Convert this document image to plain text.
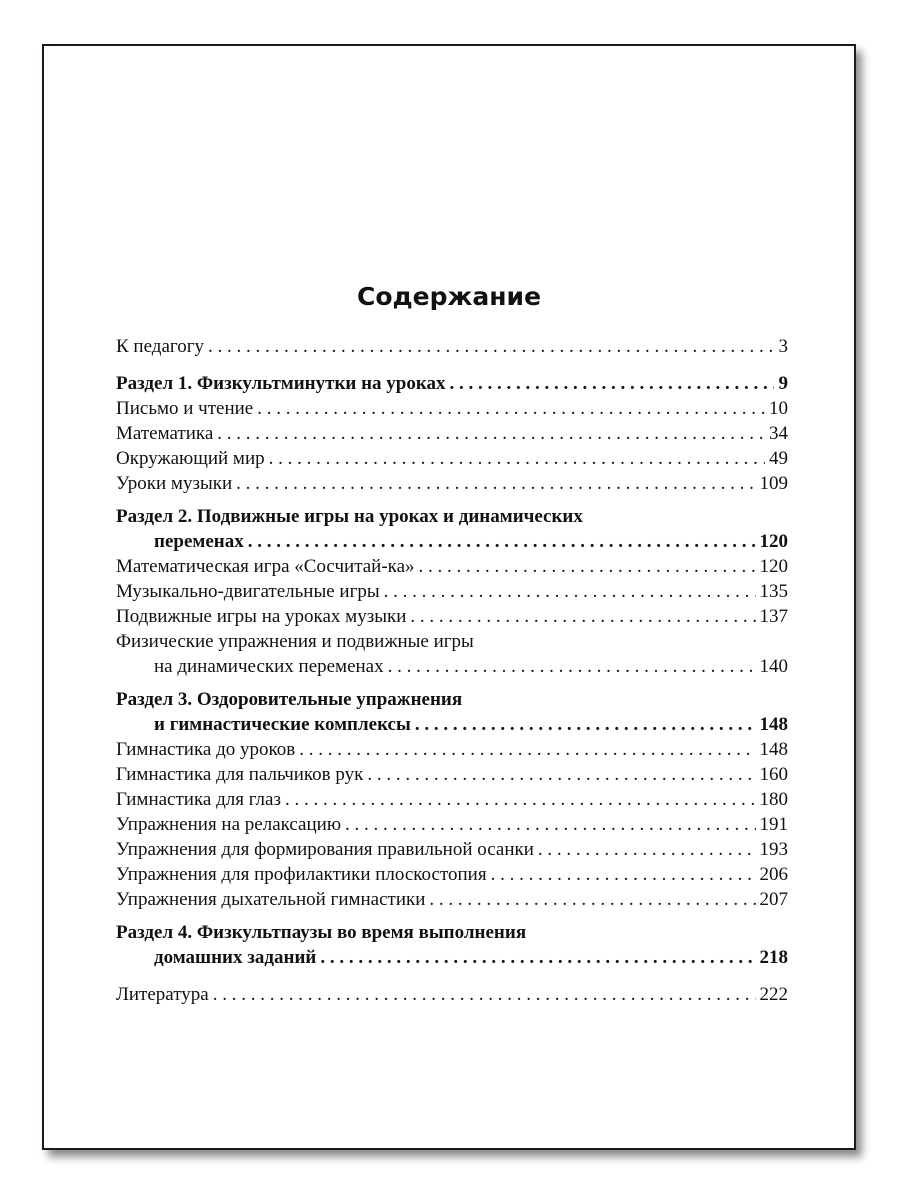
Содержание
К педагогу . . .	3
Раздел 1. Физкультминутки на уроках . . .	9
Письмо и чтение . . .	10
Математика . . .	34
Окружающий мир . . .	49
Уроки музыки . . .	109
Раздел 2. Подвижные игры на уроках и динамических
переменах . . .	120
Математическая игра «Сосчитай-ка» . . .	120
Музыкально-двигательные игры . . .	135
Подвижные игры на уроках музыки . . .	137
Физические упражнения и подвижные игры
на динамических переменах . . .	140
Раздел 3. Оздоровительные упражнения
и гимнастические комплексы . . .	148
Гимнастика до уроков . . .	148
Гимнастика для пальчиков рук . . .	160
Гимнастика для глаз . . .	180
Упражнения на релаксацию . . .	191
Упражнения для формирования правильной осанки . . .	193
Упражнения для профилактики плоскостопия . . .	206
Упражнения дыхательной гимнастики . . .	207
Раздел 4. Физкультпаузы во время выполнения
домашних заданий . . .	218
Литература . . .	222
